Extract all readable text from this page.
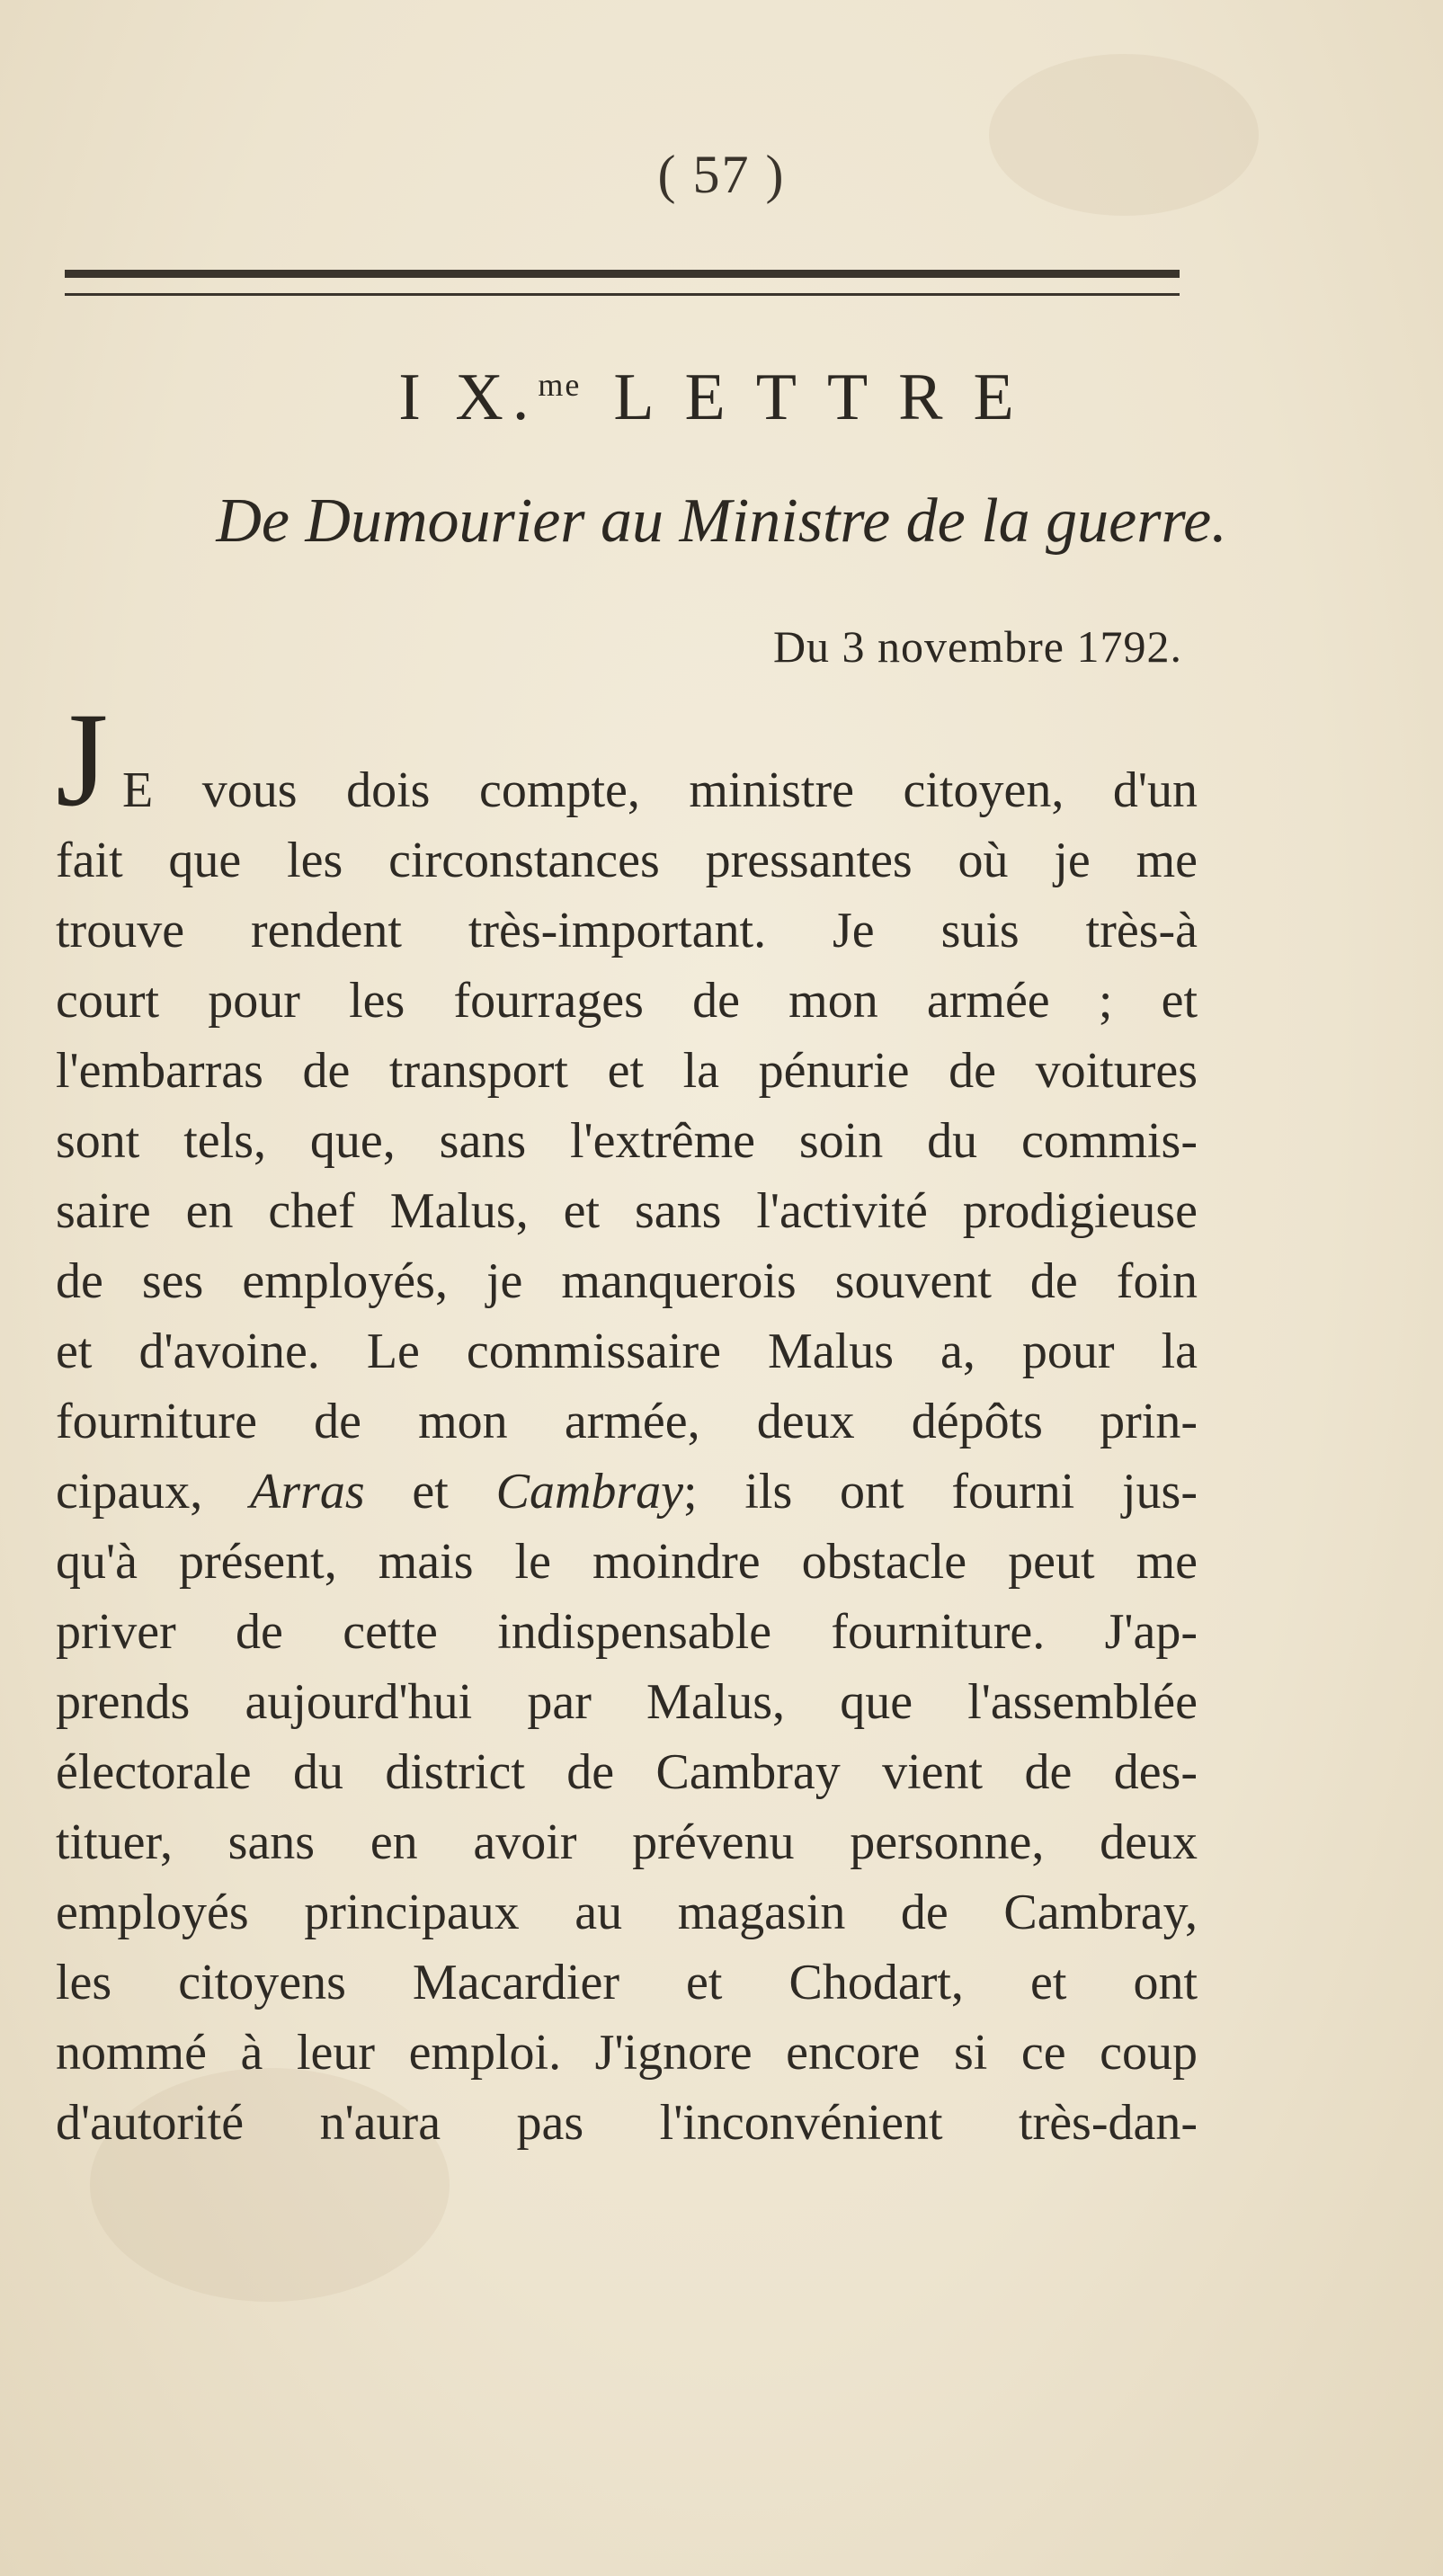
( 57 )
I X.$^{me}$ LETTRE
De Dumourier au Ministre de la guerre.
Du 3 novembre 1792.
J E vous dois compte, ministre citoyen, d'un
fait que les circonstances pressantes où je me
trouve rendent très-important. Je suis très-à
court pour les fourrages de mon armée ; et
l'embarras de transport et la pénurie de voitures
sont tels, que, sans l'extrême soin du commis-
saire en chef Malus, et sans l'activité prodigieuse
de ses employés, je manquerois souvent de foin
et d'avoine. Le commissaire Malus a, pour la
fourniture de mon armée, deux dépôts prin-
cipaux, Arras et Cambray; ils ont fourni jus-
qu'à présent, mais le moindre obstacle peut me
priver de cette indispensable fourniture. J'ap-
prends aujourd'hui par Malus, que l'assemblée
électorale du district de Cambray vient de des-
tituer, sans en avoir prévenu personne, deux
employés principaux au magasin de Cambray,
les citoyens Macardier et Chodart, et ont
nommé à leur emploi. J'ignore encore si ce coup
d'autorité n'aura pas l'inconvénient très-dan-
